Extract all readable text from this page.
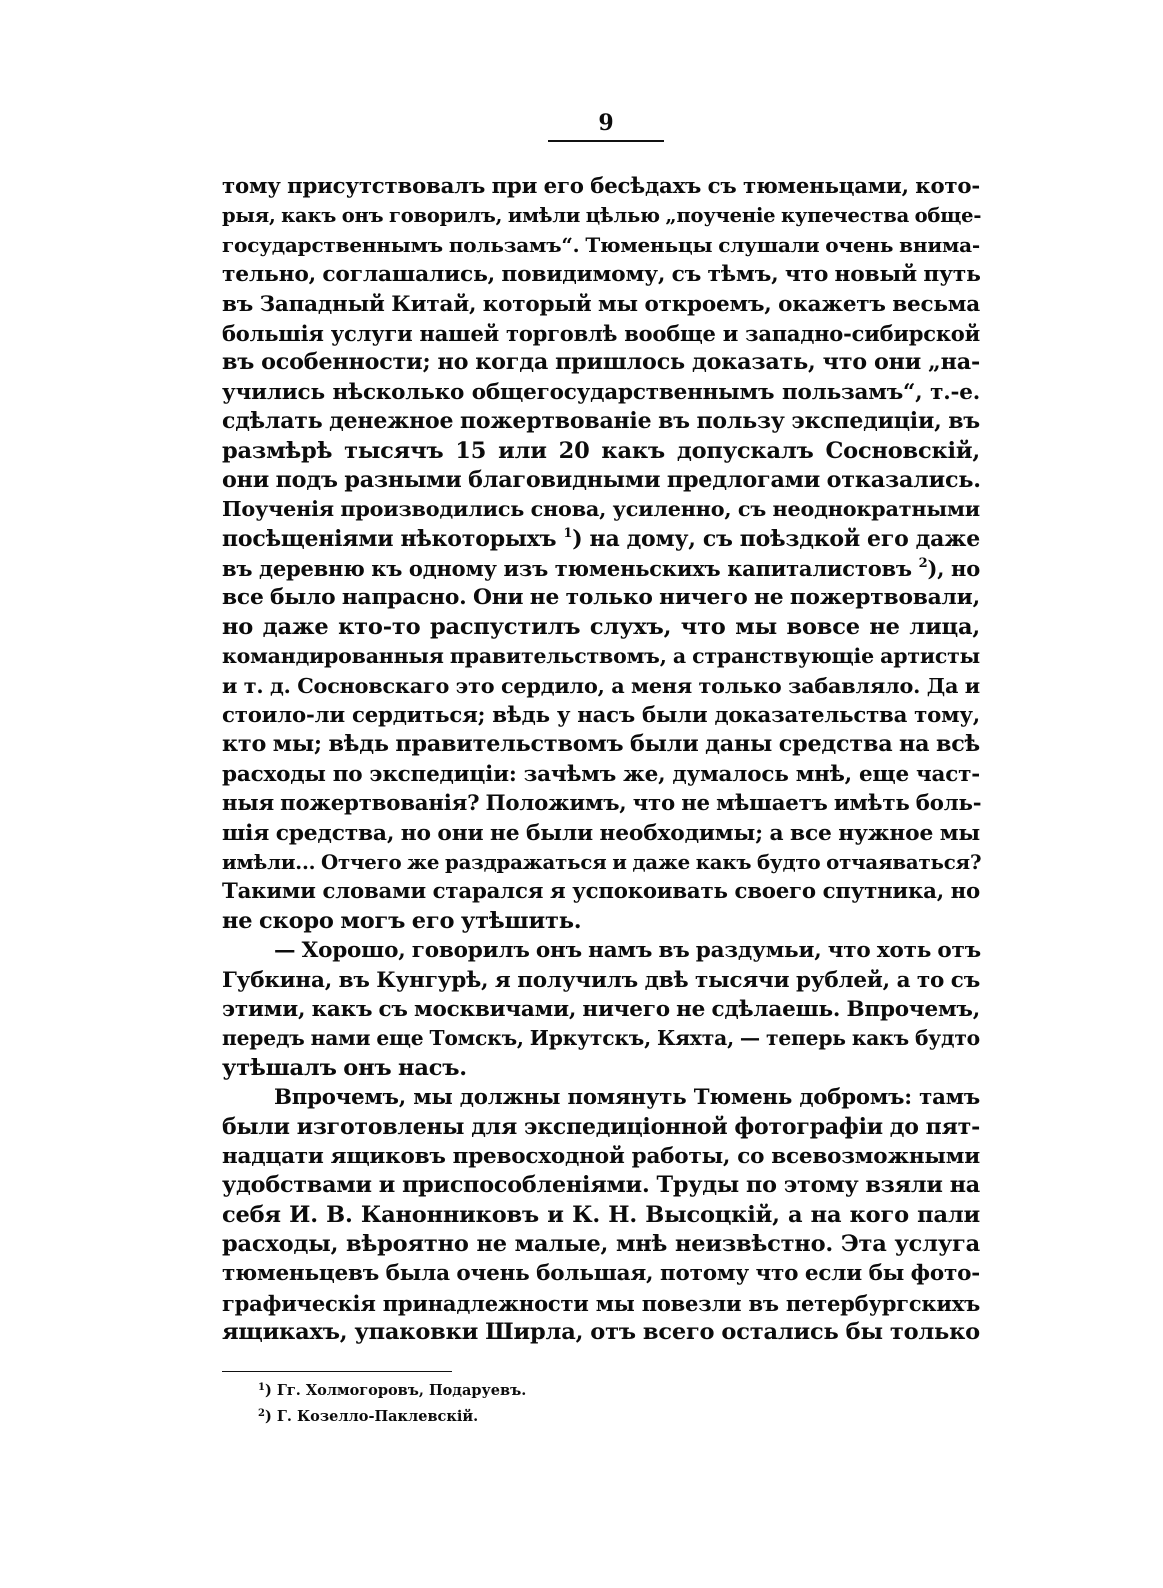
9
тому присутствовалъ при его бесѣдахъ съ тюменьцами, кото-
рыя, какъ онъ говорилъ, имѣли цѣлью „поученіе купечества обще-
государственнымъ пользамъ“. Тюменьцы слушали очень внима-
тельно, соглашались, повидимому, съ тѣмъ, что новый путь
въ Западный Китай, который мы откроемъ, окажетъ весьма
большія услуги нашей торговлѣ вообще и западно-сибирской
въ особенности; но когда пришлось доказать, что они „на-
учились нѣсколько общегосударственнымъ пользамъ“, т.-е.
сдѣлать денежное пожертвованіе въ пользу экспедиціи, въ
размѣрѣ тысячъ 15 или 20 какъ допускалъ Сосновскій,
они подъ разными благовидными предлогами отказались.
Поученія производились снова, усиленно, съ неоднократными
посѣщеніями нѣкоторыхъ $^1$) на дому, съ поѣздкой его даже
въ деревню къ одному изъ тюменьскихъ капиталистовъ $^2$), но
все было напрасно. Они не только ничего не пожертвовали,
но даже кто-то распустилъ слухъ, что мы вовсе не лица,
командированныя правительствомъ, а странствующіе артисты
и т. д. Сосновскаго это сердило, а меня только забавляло. Да и
стоило-ли сердиться; вѣдь у насъ были доказательства тому,
кто мы; вѣдь правительствомъ были даны средства на всѣ
расходы по экспедиціи: зачѣмъ же, думалось мнѣ, еще част-
ныя пожертвованія? Положимъ, что не мѣшаетъ имѣть боль-
шія средства, но они не были необходимы; а все нужное мы
имѣли... Отчего же раздражаться и даже какъ будто отчаяваться?
Такими словами старался я успокоивать своего спутника, но
не скоро могъ его утѣшить.
— Хорошо, говорилъ онъ намъ въ раздумьи, что хоть отъ
Губкина, въ Кунгурѣ, я получилъ двѣ тысячи рублей, а то съ
этими, какъ съ москвичами, ничего не сдѣлаешь. Впрочемъ,
передъ нами еще Томскъ, Иркутскъ, Кяхта, — теперь какъ будто
утѣшалъ онъ насъ.
Впрочемъ, мы должны помянуть Тюмень добромъ: тамъ
были изготовлены для экспедиціонной фотографіи до пят-
надцати ящиковъ превосходной работы, со всевозможными
удобствами и приспособленіями. Труды по этому взяли на
себя И. В. Канонниковъ и К. Н. Высоцкій, а на кого пали
расходы, вѣроятно не малые, мнѣ неизвѣстно. Эта услуга
тюменьцевъ была очень большая, потому что если бы фото-
графическія принадлежности мы повезли въ петербургскихъ
ящикахъ, упаковки Ширла, отъ всего остались бы только
$^1$) Гг. Холмогоровъ, Подаруевъ.
$^2$) Г. Козелло-Паклевскій.
